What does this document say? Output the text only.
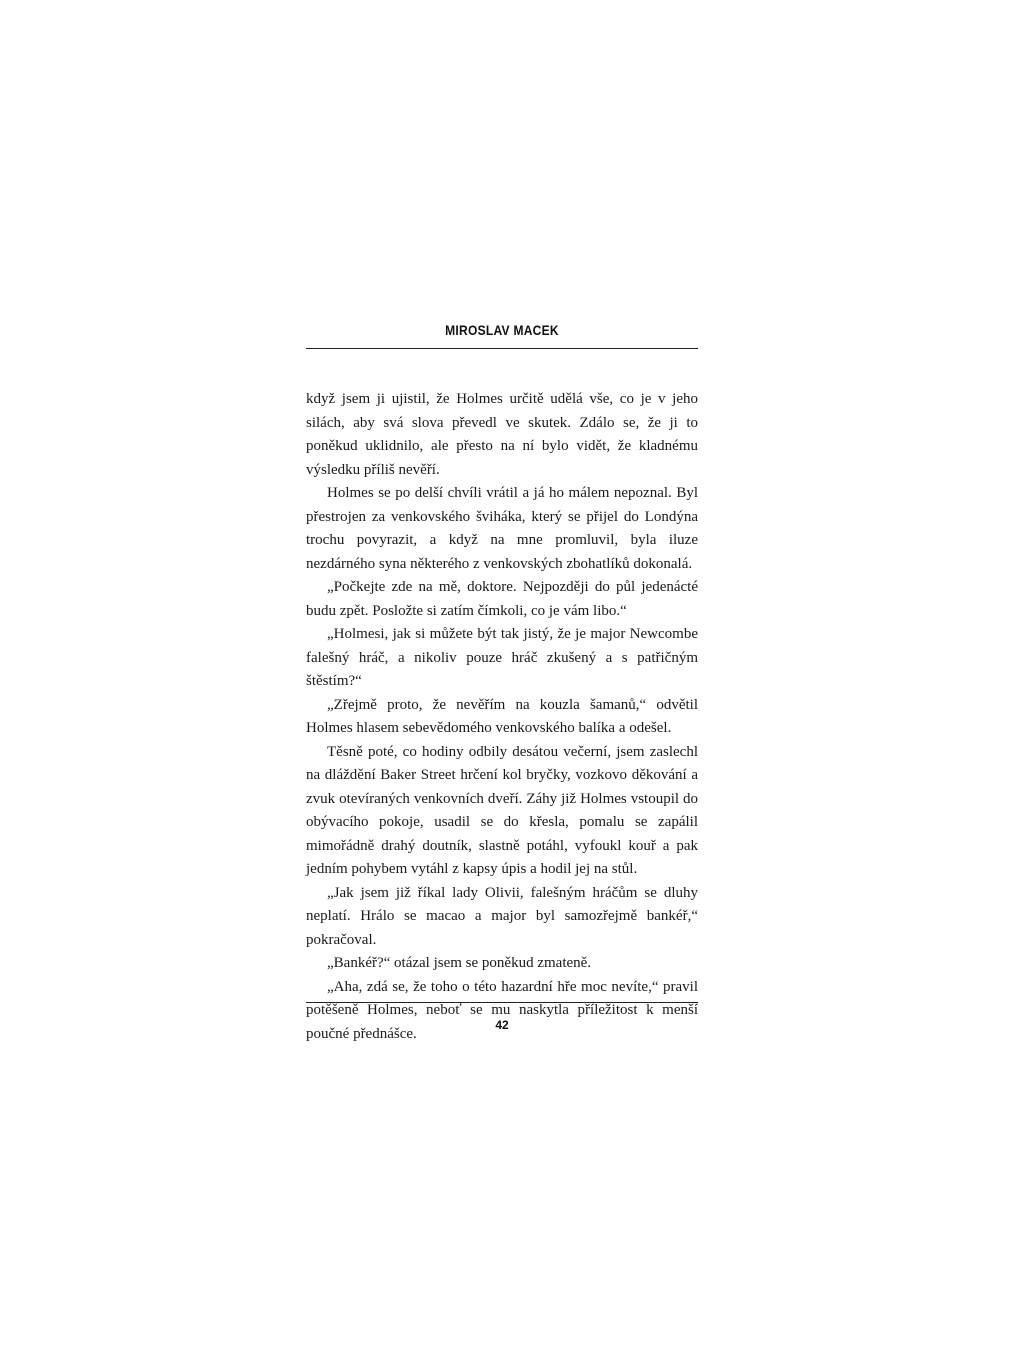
MIROSLAV MACEK

když jsem ji ujistil, že Holmes určitě udělá vše, co je v jeho silách, aby svá slova převedl ve skutek. Zdálo se, že ji to poněkud uklidnilo, ale přesto na ní bylo vidět, že kladnému výsledku příliš nevěří.

Holmes se po delší chvíli vrátil a já ho málem nepoznal. Byl přestrojen za venkovského šviháka, který se přijel do Londýna trochu povyrazit, a když na mne promluvil, byla iluze nezdárného syna některého z venkovských zbohatlíků dokonalá.

„Počkejte zde na mě, doktore. Nejpozději do půl jedenácté budu zpět. Posložte si zatím čímkoli, co je vám libo.“

„Holmesi, jak si můžete být tak jistý, že je major Newcombe falešný hráč, a nikoliv pouze hráč zkušený a s patřičným štěstím?“

„Zřejmě proto, že nevěřím na kouzla šamanů,“ odvětil Holmes hlasem sebevědomého venkovského balíka a odešel.

Těsně poté, co hodiny odbily desátou večerní, jsem zaslechl na dláždění Baker Street hrčení kol bryčky, vozkovo děkování a zvuk otevíraných venkovních dveří. Záhy již Holmes vstoupil do obývacího pokoje, usadil se do křesla, pomalu se zapálil mimořádně drahý doutník, slastně potáhl, vyfoukl kouř a pak jedním pohybem vytáhl z kapsy úpis a hodil jej na stůl.

„Jak jsem již říkal lady Olivii, falešným hráčům se dluhy neplatí. Hrálo se macao a major byl samozřejmě bankéř,“ pokračoval.

„Bankéř?“ otázal jsem se poněkud zmateně.

„Aha, zdá se, že toho o této hazardní hře moc nevíte,“ pravil potěšeně Holmes, neboť se mu naskytla příležitost k menší poučné přednášce.

42
